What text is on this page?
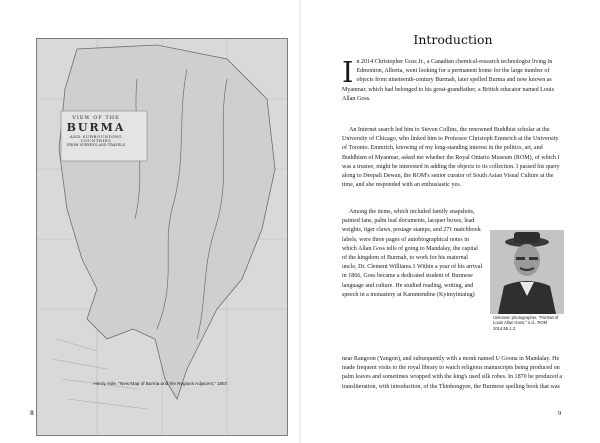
VIEW OF THE
BURMA
AND SURROUNDING COUNTRIES
FROM SURVEYS AND TRAVELS
Henry Yule, "New Map of Burma and the Regions Adjacent," 1857.
8
Introduction

In 2014 Christopher Goss Jr., a Canadian chemical-research technologist living in Edmonton, Alberta, went looking for a permanent home for the large number of objects from nineteenth-century Burmah, later spelled Burma and now known as Myanmar, which had belonged to his great-grandfather, a British educator named Louis Allan Goss.

An Internet search led him to Steven Collins, the renowned Buddhist scholar at the University of Chicago, who linked him to Professor Christoph Emmrich at the University of Toronto. Emmrich, knowing of my long-standing interest in the politics, art, and Buddhism of Myanmar, asked me whether the Royal Ontario Museum (ROM), of which I was a trustee, might be interested in adding the objects to its collection. I passed his query along to Deepali Dewan, the ROM's senior curator of South Asian Visual Culture at the time, and she responded with an enthusiastic yes.

Among the items, which included family snapshots, painted fans, palm leaf documents, lacquer boxes, lead weights, tiger claws, postage stamps, and 271 matchbook labels, were three pages of autobiographical notes in which Allan Goss tells of going to Mandalay, the capital of the kingdom of Burmah, to work for his maternal uncle, Dr. Clement Williams.1 Within a year of his arrival in 1866, Goss became a dedicated student of Burmese language and culture. He studied reading, writing, and speech in a monastery at Kammendine (Kyimyintaing)

Unknown photographer, "Portrait of Louis Allan Goss," n.d., ROM 2014.55.1.3

near Rangoon (Yangon), and subsequently with a monk named U Goona in Mandalay. He made frequent visits to the royal library to watch religious manuscripts being produced on palm leaves and sometimes wrapped with the king's used silk robes. In 1870 he produced a transliteration, with introduction, of the Thinbongyee, the Burmese spelling book that was

9
